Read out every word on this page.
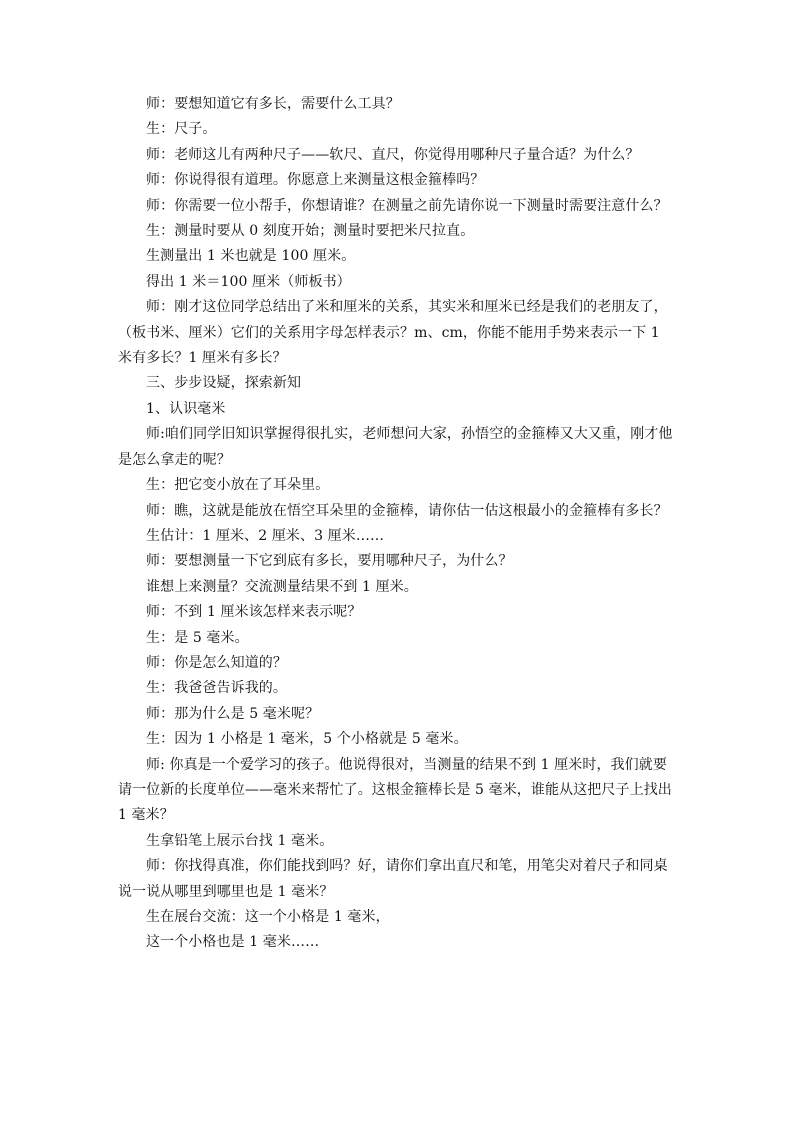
师：要想知道它有多长，需要什么工具？

生：尺子。

师：老师这儿有两种尺子——软尺、直尺，你觉得用哪种尺子量合适？为什么？

师：你说得很有道理。你愿意上来测量这根金箍棒吗？

师：你需要一位小帮手，你想请谁？在测量之前先请你说一下测量时需要注意什么？

生：测量时要从 0 刻度开始；测量时要把米尺拉直。

生测量出 1 米也就是 100 厘米。

得出 1 米＝100 厘米（师板书）

师：刚才这位同学总结出了米和厘米的关系，其实米和厘米已经是我们的老朋友了，（板书米、厘米）它们的关系用字母怎样表示？m、cm，你能不能用手势来表示一下 1 米有多长？1 厘米有多长？

三、步步设疑，探索新知

1、认识毫米

师:咱们同学旧知识掌握得很扎实，老师想问大家，孙悟空的金箍棒又大又重，刚才他是怎么拿走的呢？

生：把它变小放在了耳朵里。

师：瞧，这就是能放在悟空耳朵里的金箍棒，请你估一估这根最小的金箍棒有多长？

生估计：1 厘米、2 厘米、3 厘米……

师：要想测量一下它到底有多长，要用哪种尺子，为什么？

谁想上来测量？交流测量结果不到 1 厘米。

师：不到 1 厘米该怎样来表示呢？

生：是 5 毫米。

师：你是怎么知道的？

生：我爸爸告诉我的。

师：那为什么是 5 毫米呢？

生：因为 1 小格是 1 毫米，5 个小格就是 5 毫米。

师: 你真是一个爱学习的孩子。他说得很对，当测量的结果不到 1 厘米时，我们就要请一位新的长度单位——毫米来帮忙了。这根金箍棒长是 5 毫米，谁能从这把尺子上找出 1 毫米？

生拿铅笔上展示台找 1 毫米。

师：你找得真准，你们能找到吗？好，请你们拿出直尺和笔，用笔尖对着尺子和同桌说一说从哪里到哪里也是 1 毫米？

生在展台交流：这一个小格是 1 毫米，

这一个小格也是 1 毫米……
